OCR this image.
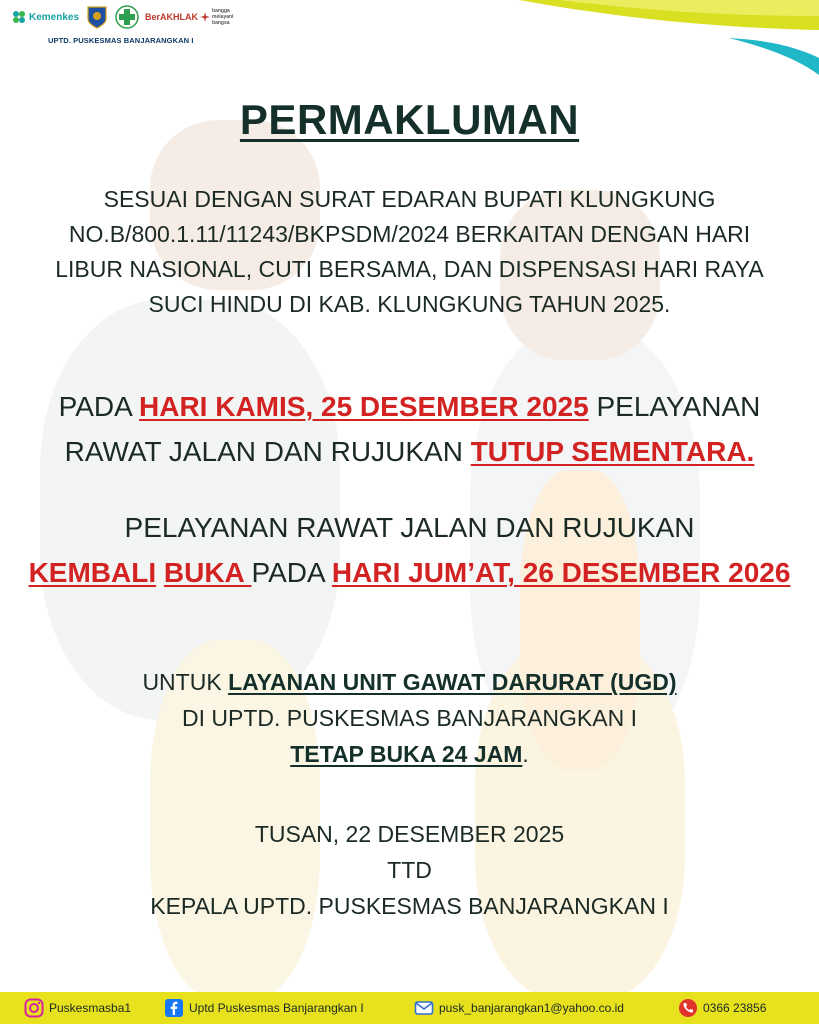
Kemenkes	BerAKHLAK
bangga melayani bangsa
UPTD. PUSKESMAS BANJARANGKAN I
PERMAKLUMAN
SESUAI DENGAN SURAT EDARAN BUPATI KLUNGKUNG
NO.B/800.1.11/11243/BKPSDM/2024 BERKAITAN DENGAN HARI
LIBUR NASIONAL, CUTI BERSAMA, DAN DISPENSASI HARI RAYA
SUCI HINDU DI KAB. KLUNGKUNG TAHUN 2025.
PADA HARI KAMIS, 25 DESEMBER 2025 PELAYANAN RAWAT JALAN DAN RUJUKAN TUTUP SEMENTARA.
PELAYANAN RAWAT JALAN DAN RUJUKAN
KEMBALI BUKA PADA HARI JUM’AT, 26 DESEMBER 2026
UNTUK LAYANAN UNIT GAWAT DARURAT (UGD)
DI UPTD. PUSKESMAS BANJARANGKAN I
TETAP BUKA 24 JAM.
TUSAN, 22 DESEMBER 2025
TTD
KEPALA UPTD. PUSKESMAS BANJARANGKAN I
Puskesmasba1	Uptd Puskesmas Banjarangkan I	pusk_banjarangkan1@yahoo.co.id	0366 23856
